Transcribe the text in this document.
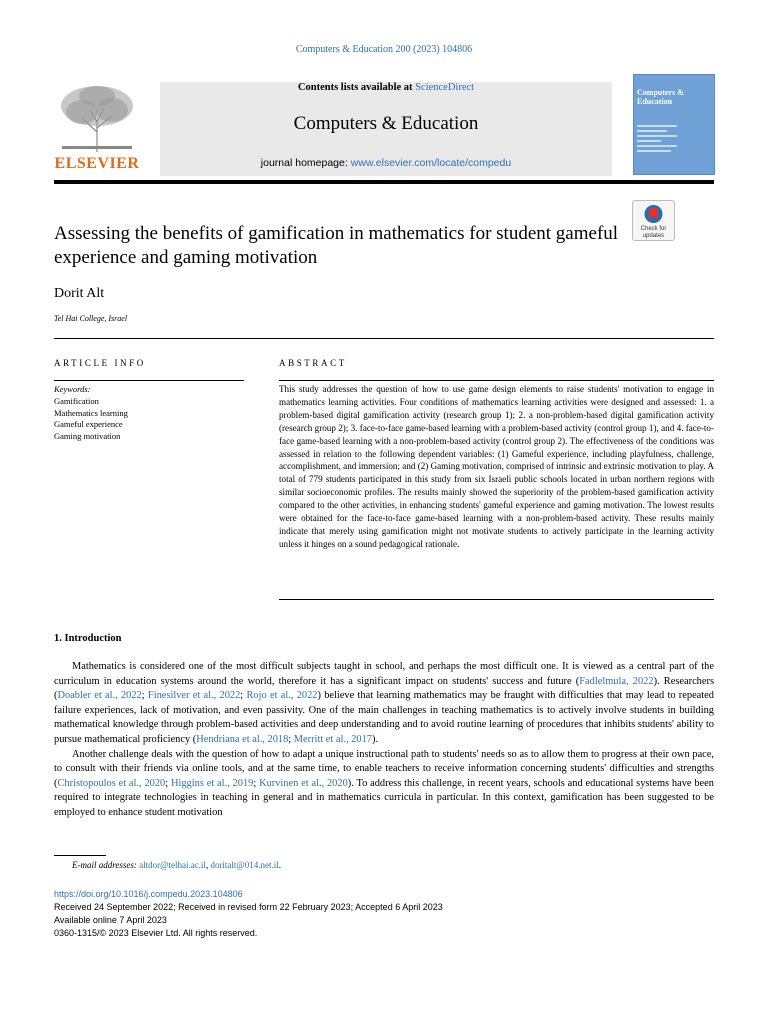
Computers & Education 200 (2023) 104806
ELSEVIER
Contents lists available at ScienceDirect
Computers & Education
journal homepage: www.elsevier.com/locate/compedu
Computers & Education
Check for updates
Assessing the benefits of gamification in mathematics for student gameful experience and gaming motivation
Dorit Alt
Tel Hai College, Israel
ARTICLE INFO	ABSTRACT
Keywords:
Gamification
Mathematics learning
Gameful experience
Gaming motivation
This study addresses the question of how to use game design elements to raise students' motivation to engage in mathematics learning activities. Four conditions of mathematics learning activities were designed and assessed: 1. a problem-based digital gamification activity (research group 1); 2. a non-problem-based digital gamification activity (research group 2); 3. face-to-face game-based learning with a problem-based activity (control group 1), and 4. face-to-face game-based learning with a non-problem-based activity (control group 2). The effectiveness of the conditions was assessed in relation to the following dependent variables: (1) Gameful experience, including playfulness, challenge, accomplishment, and immersion; and (2) Gaming motivation, comprised of intrinsic and extrinsic motivation to play. A total of 779 students participated in this study from six Israeli public schools located in urban northern regions with similar socioeconomic profiles. The results mainly showed the superiority of the problem-based gamification activity compared to the other activities, in enhancing students' gameful experience and gaming motivation. The lowest results were obtained for the face-to-face game-based learning with a non-problem-based activity. These results mainly indicate that merely using gamification might not motivate students to actively participate in the learning activity unless it hinges on a sound pedagogical rationale.
1. Introduction

Mathematics is considered one of the most difficult subjects taught in school, and perhaps the most difficult one. It is viewed as a central part of the curriculum in education systems around the world, therefore it has a significant impact on students' success and future (Fadlelmula, 2022). Researchers (Doabler et al., 2022; Finesilver et al., 2022; Rojo et al., 2022) believe that learning mathematics may be fraught with difficulties that may lead to repeated failure experiences, lack of motivation, and even passivity. One of the main challenges in teaching mathematics is to actively involve students in building mathematical knowledge through problem-based activities and deep understanding and to avoid routine learning of procedures that inhibits students' ability to pursue mathematical proficiency (Hendriana et al., 2018; Merritt et al., 2017).

Another challenge deals with the question of how to adapt a unique instructional path to students' needs so as to allow them to progress at their own pace, to consult with their friends via online tools, and at the same time, to enable teachers to receive information concerning students' difficulties and strengths (Christopoulos et al., 2020; Higgins et al., 2019; Kurvinen et al., 2020). To address this challenge, in recent years, schools and educational systems have been required to integrate technologies in teaching in general and in mathematics curricula in particular. In this context, gamification has been suggested to be employed to enhance student motivation

E-mail addresses: altdor@telhai.ac.il, doritalt@014.net.il.
https://doi.org/10.1016/j.compedu.2023.104806
Received 24 September 2022; Received in revised form 22 February 2023; Accepted 6 April 2023
Available online 7 April 2023
0360-1315/© 2023 Elsevier Ltd. All rights reserved.
